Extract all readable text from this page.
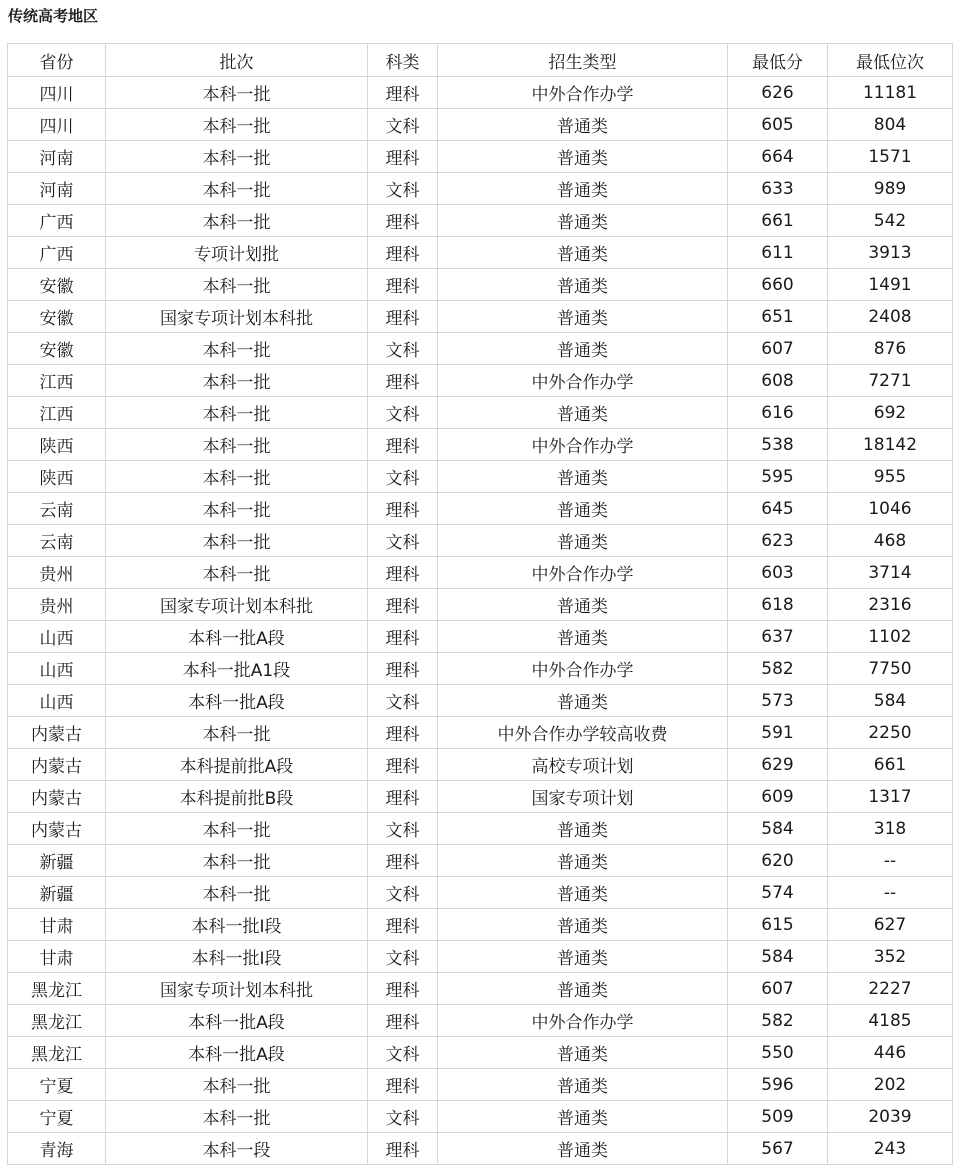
传统高考地区
省份	批次	科类	招生类型	最低分	最低位次
四川	本科一批	理科	中外合作办学	626	11181
四川	本科一批	文科	普通类	605	804
河南	本科一批	理科	普通类	664	1571
河南	本科一批	文科	普通类	633	989
广西	本科一批	理科	普通类	661	542
广西	专项计划批	理科	普通类	611	3913
安徽	本科一批	理科	普通类	660	1491
安徽	国家专项计划本科批	理科	普通类	651	2408
安徽	本科一批	文科	普通类	607	876
江西	本科一批	理科	中外合作办学	608	7271
江西	本科一批	文科	普通类	616	692
陕西	本科一批	理科	中外合作办学	538	18142
陕西	本科一批	文科	普通类	595	955
云南	本科一批	理科	普通类	645	1046
云南	本科一批	文科	普通类	623	468
贵州	本科一批	理科	中外合作办学	603	3714
贵州	国家专项计划本科批	理科	普通类	618	2316
山西	本科一批A段	理科	普通类	637	1102
山西	本科一批A1段	理科	中外合作办学	582	7750
山西	本科一批A段	文科	普通类	573	584
内蒙古	本科一批	理科	中外合作办学较高收费	591	2250
内蒙古	本科提前批A段	理科	高校专项计划	629	661
内蒙古	本科提前批B段	理科	国家专项计划	609	1317
内蒙古	本科一批	文科	普通类	584	318
新疆	本科一批	理科	普通类	620	--
新疆	本科一批	文科	普通类	574	--
甘肃	本科一批I段	理科	普通类	615	627
甘肃	本科一批I段	文科	普通类	584	352
黑龙江	国家专项计划本科批	理科	普通类	607	2227
黑龙江	本科一批A段	理科	中外合作办学	582	4185
黑龙江	本科一批A段	文科	普通类	550	446
宁夏	本科一批	理科	普通类	596	202
宁夏	本科一批	文科	普通类	509	2039
青海	本科一段	理科	普通类	567	243
